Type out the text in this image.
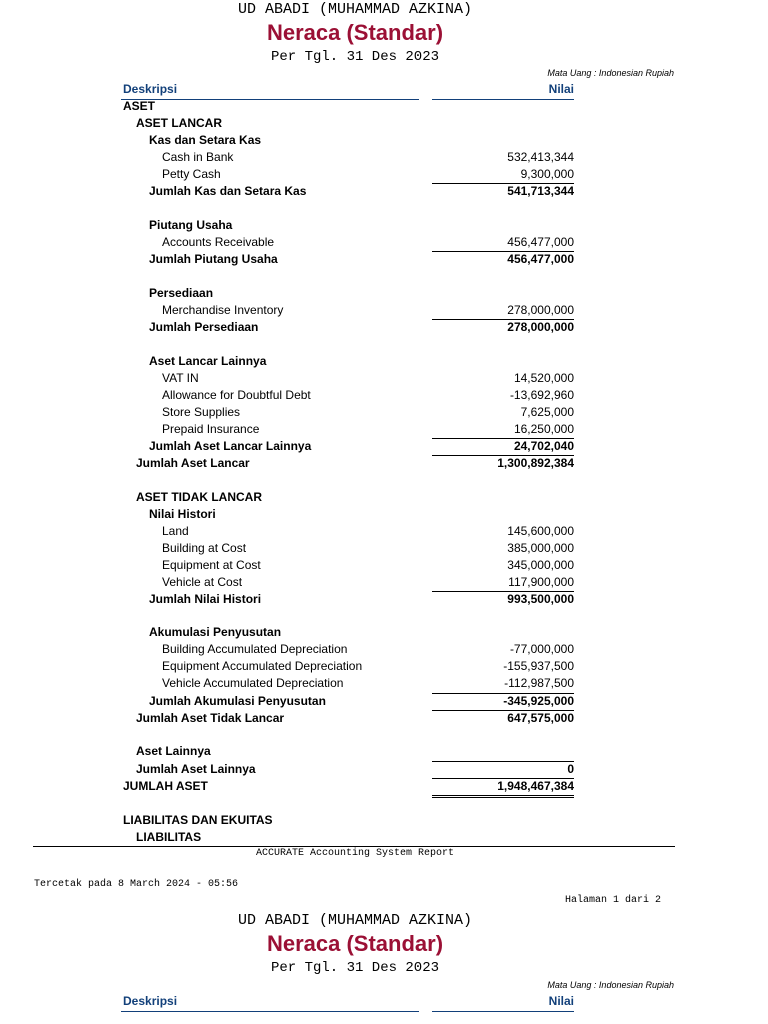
UD ABADI (MUHAMMAD AZKINA)
Neraca (Standar)
Per Tgl. 31 Des 2023
Mata Uang : Indonesian Rupiah
Deskripsi	Nilai
ASET
ASET LANCAR
Kas dan Setara Kas
Cash in Bank	532,413,344
Petty Cash	9,300,000
Jumlah Kas dan Setara Kas	541,713,344
Piutang Usaha
Accounts Receivable	456,477,000
Jumlah Piutang Usaha	456,477,000
Persediaan
Merchandise Inventory	278,000,000
Jumlah Persediaan	278,000,000
Aset Lancar Lainnya
VAT IN	14,520,000
Allowance for Doubtful Debt	-13,692,960
Store Supplies	7,625,000
Prepaid Insurance	16,250,000
Jumlah Aset Lancar Lainnya	24,702,040
Jumlah Aset Lancar	1,300,892,384
ASET TIDAK LANCAR
Nilai Histori
Land	145,600,000
Building at Cost	385,000,000
Equipment at Cost	345,000,000
Vehicle at Cost	117,900,000
Jumlah Nilai Histori	993,500,000
Akumulasi Penyusutan
Building Accumulated Depreciation	-77,000,000
Equipment Accumulated Depreciation	-155,937,500
Vehicle Accumulated Depreciation	-112,987,500
Jumlah Akumulasi Penyusutan	-345,925,000
Jumlah Aset Tidak Lancar	647,575,000
Aset Lainnya
Jumlah Aset Lainnya	0
JUMLAH ASET	1,948,467,384
LIABILITAS DAN EKUITAS
LIABILITAS
ACCURATE Accounting System Report
Tercetak pada 8 March 2024 - 05:56
Halaman 1 dari 2
UD ABADI (MUHAMMAD AZKINA)
Neraca (Standar)
Per Tgl. 31 Des 2023
Mata Uang : Indonesian Rupiah
Deskripsi	Nilai
